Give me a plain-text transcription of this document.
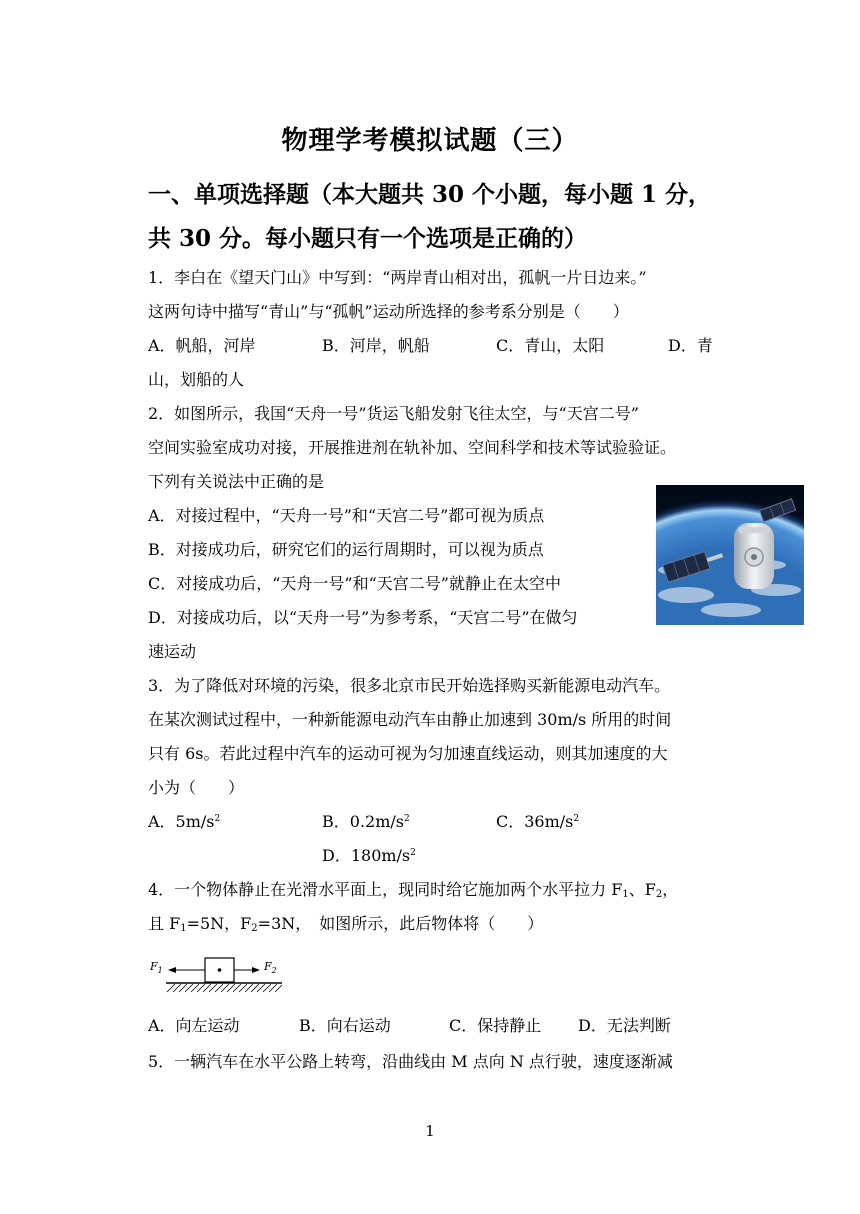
物理学考模拟试题（三）
一、单项选择题（本大题共 30 个小题，每小题 1 分，
共 30 分。每小题只有一个选项是正确的）
1．李白在《望天门山》中写到：“两岸青山相对出，孤帆一片日边来。”
这两句诗中描写“青山”与“孤帆”运动所选择的参考系分别是（　　）
A．帆船，河岸	B．河岸，帆船	C．青山，太阳	D．青
山，划船的人
2．如图所示，我国“天舟一号”货运飞船发射飞往太空，与“天宫二号”
空间实验室成功对接，开展推进剂在轨补加、空间科学和技术等试验验证。
下列有关说法中正确的是
A．对接过程中，“天舟一号”和“天宫二号”都可视为质点
B．对接成功后，研究它们的运行周期时，可以视为质点
C．对接成功后，“天舟一号”和“天宫二号”就静止在太空中
D．对接成功后，以“天舟一号”为参考系，“天宫二号”在做匀
速运动
3．为了降低对环境的污染，很多北京市民开始选择购买新能源电动汽车。
在某次测试过程中，一种新能源电动汽车由静止加速到 30m/s 所用的时间
只有 6s。若此过程中汽车的运动可视为匀加速直线运动，则其加速度的大
小为（　　）
A．$5m/s^2$	B．$0.2m/s^2$	C．$36m/s^2$
D．$180m/s^2$
4．一个物体静止在光滑水平面上，现同时给它施加两个水平拉力 $F_1$、$F_2$，
且 $F_1=5N$，$F_2=3N$，　如图所示，此后物体将（　　）
$F_1$	$F_2$
A．向左运动	B．向右运动	C．保持静止 D．无法判断
5．一辆汽车在水平公路上转弯，沿曲线由 M 点向 N 点行驶，速度逐渐减
1
